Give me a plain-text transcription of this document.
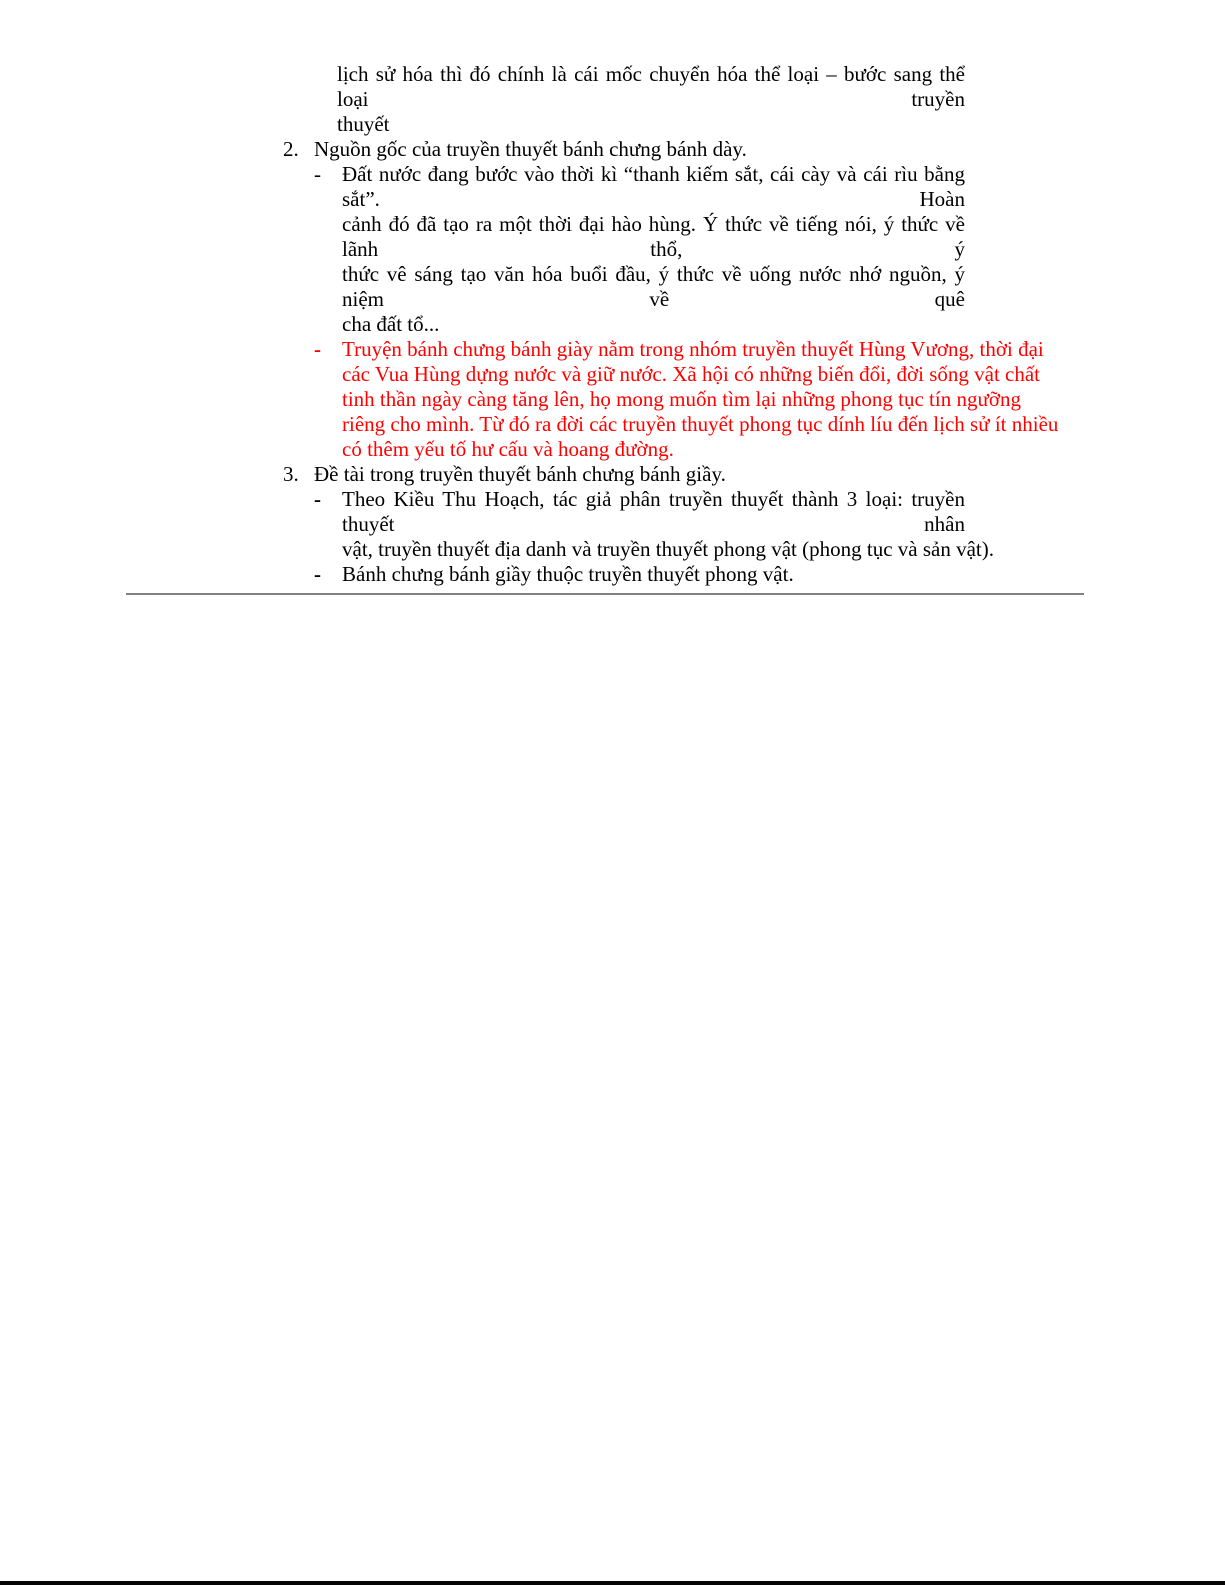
lịch sử hóa thì đó chính là cái mốc chuyển hóa thể loại – bước sang thể loại truyền
thuyết
2. Nguồn gốc của truyền thuyết bánh chưng bánh dày.
-	Đất nước đang bước vào thời kì “thanh kiếm sắt, cái cày và cái rìu bằng sắt”. Hoàn
cảnh đó đã tạo ra một thời đại hào hùng. Ý thức về tiếng nói, ý thức về lãnh thổ, ý
thức vê sáng tạo văn hóa buổi đầu, ý thức về uống nước nhớ nguồn, ý niệm về quê
cha đất tổ...
-	Truyện bánh chưng bánh giày nằm trong nhóm truyền thuyết Hùng Vương, thời đại
các Vua Hùng dựng nước và giữ nước. Xã hội có những biến đổi, đời sống vật chất
tinh thần ngày càng tăng lên, họ mong muốn tìm lại những phong tục tín ngưỡng
riêng cho mình. Từ đó ra đời các truyền thuyết phong tục dính líu đến lịch sử ít nhiều
có thêm yếu tố hư cấu và hoang đường.
3. Đề tài trong truyền thuyết bánh chưng bánh giầy.
-	Theo Kiều Thu Hoạch, tác giả phân truyền thuyết thành 3 loại: truyền thuyết nhân
vật, truyền thuyết địa danh và truyền thuyết phong vật (phong tục và sản vật).
-	Bánh chưng bánh giầy thuộc truyền thuyết phong vật.
